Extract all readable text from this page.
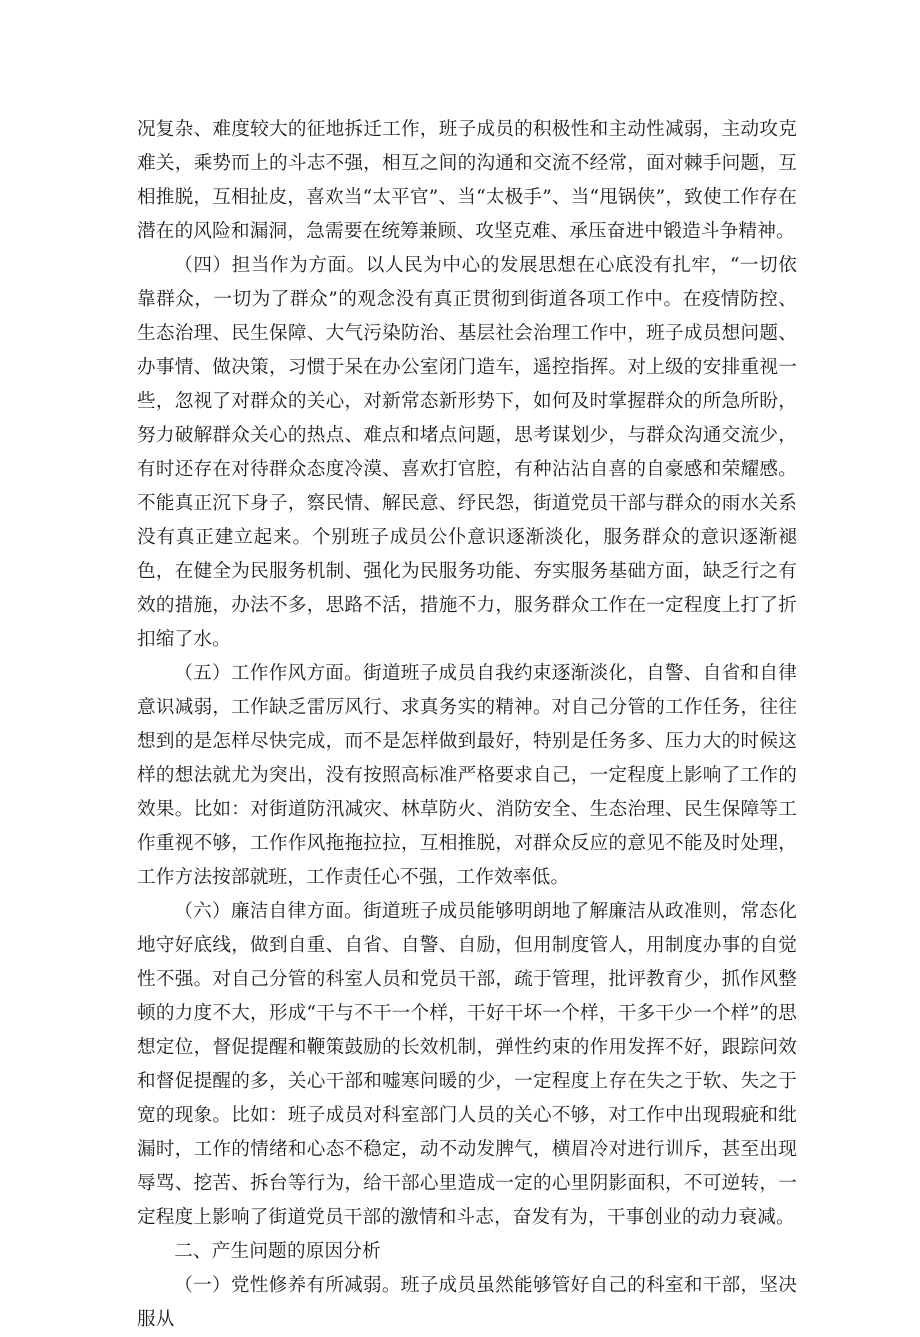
况复杂、难度较大的征地拆迁工作，班子成员的积极性和主动性减弱，主动攻克难关，乘势而上的斗志不强，相互之间的沟通和交流不经常，面对棘手问题，互相推脱，互相扯皮，喜欢当“太平官”、当“太极手”、当“甩锅侠”，致使工作存在潜在的风险和漏洞，急需要在统筹兼顾、攻坚克难、承压奋进中锻造斗争精神。

（四）担当作为方面。以人民为中心的发展思想在心底没有扎牢，“一切依靠群众，一切为了群众”的观念没有真正贯彻到街道各项工作中。在疫情防控、生态治理、民生保障、大气污染防治、基层社会治理工作中，班子成员想问题、办事情、做决策，习惯于呆在办公室闭门造车，遥控指挥。对上级的安排重视一些，忽视了对群众的关心，对新常态新形势下，如何及时掌握群众的所急所盼，努力破解群众关心的热点、难点和堵点问题，思考谋划少，与群众沟通交流少，有时还存在对待群众态度冷漠、喜欢打官腔，有种沾沾自喜的自豪感和荣耀感。不能真正沉下身子，察民情、解民意、纾民怨，街道党员干部与群众的雨水关系没有真正建立起来。个别班子成员公仆意识逐渐淡化，服务群众的意识逐渐褪色，在健全为民服务机制、强化为民服务功能、夯实服务基础方面，缺乏行之有效的措施，办法不多，思路不活，措施不力，服务群众工作在一定程度上打了折扣缩了水。

（五）工作作风方面。街道班子成员自我约束逐渐淡化，自警、自省和自律意识减弱，工作缺乏雷厉风行、求真务实的精神。对自己分管的工作任务，往往想到的是怎样尽快完成，而不是怎样做到最好，特别是任务多、压力大的时候这样的想法就尤为突出，没有按照高标准严格要求自己，一定程度上影响了工作的效果。比如：对街道防汛减灾、林草防火、消防安全、生态治理、民生保障等工作重视不够，工作作风拖拖拉拉，互相推脱，对群众反应的意见不能及时处理，工作方法按部就班，工作责任心不强，工作效率低。

（六）廉洁自律方面。街道班子成员能够明朗地了解廉洁从政准则，常态化地守好底线，做到自重、自省、自警、自励，但用制度管人，用制度办事的自觉性不强。对自己分管的科室人员和党员干部，疏于管理，批评教育少，抓作风整顿的力度不大，形成“干与不干一个样，干好干坏一个样，干多干少一个样”的思想定位，督促提醒和鞭策鼓励的长效机制，弹性约束的作用发挥不好，跟踪问效和督促提醒的多，关心干部和嘘寒问暖的少，一定程度上存在失之于软、失之于宽的现象。比如：班子成员对科室部门人员的关心不够，对工作中出现瑕疵和纰漏时，工作的情绪和心态不稳定，动不动发脾气，横眉冷对进行训斥，甚至出现辱骂、挖苦、拆台等行为，给干部心里造成一定的心里阴影面积，不可逆转，一定程度上影响了街道党员干部的激情和斗志，奋发有为，干事创业的动力衰减。

二、产生问题的原因分析

（一）党性修养有所减弱。班子成员虽然能够管好自己的科室和干部，坚决服从
